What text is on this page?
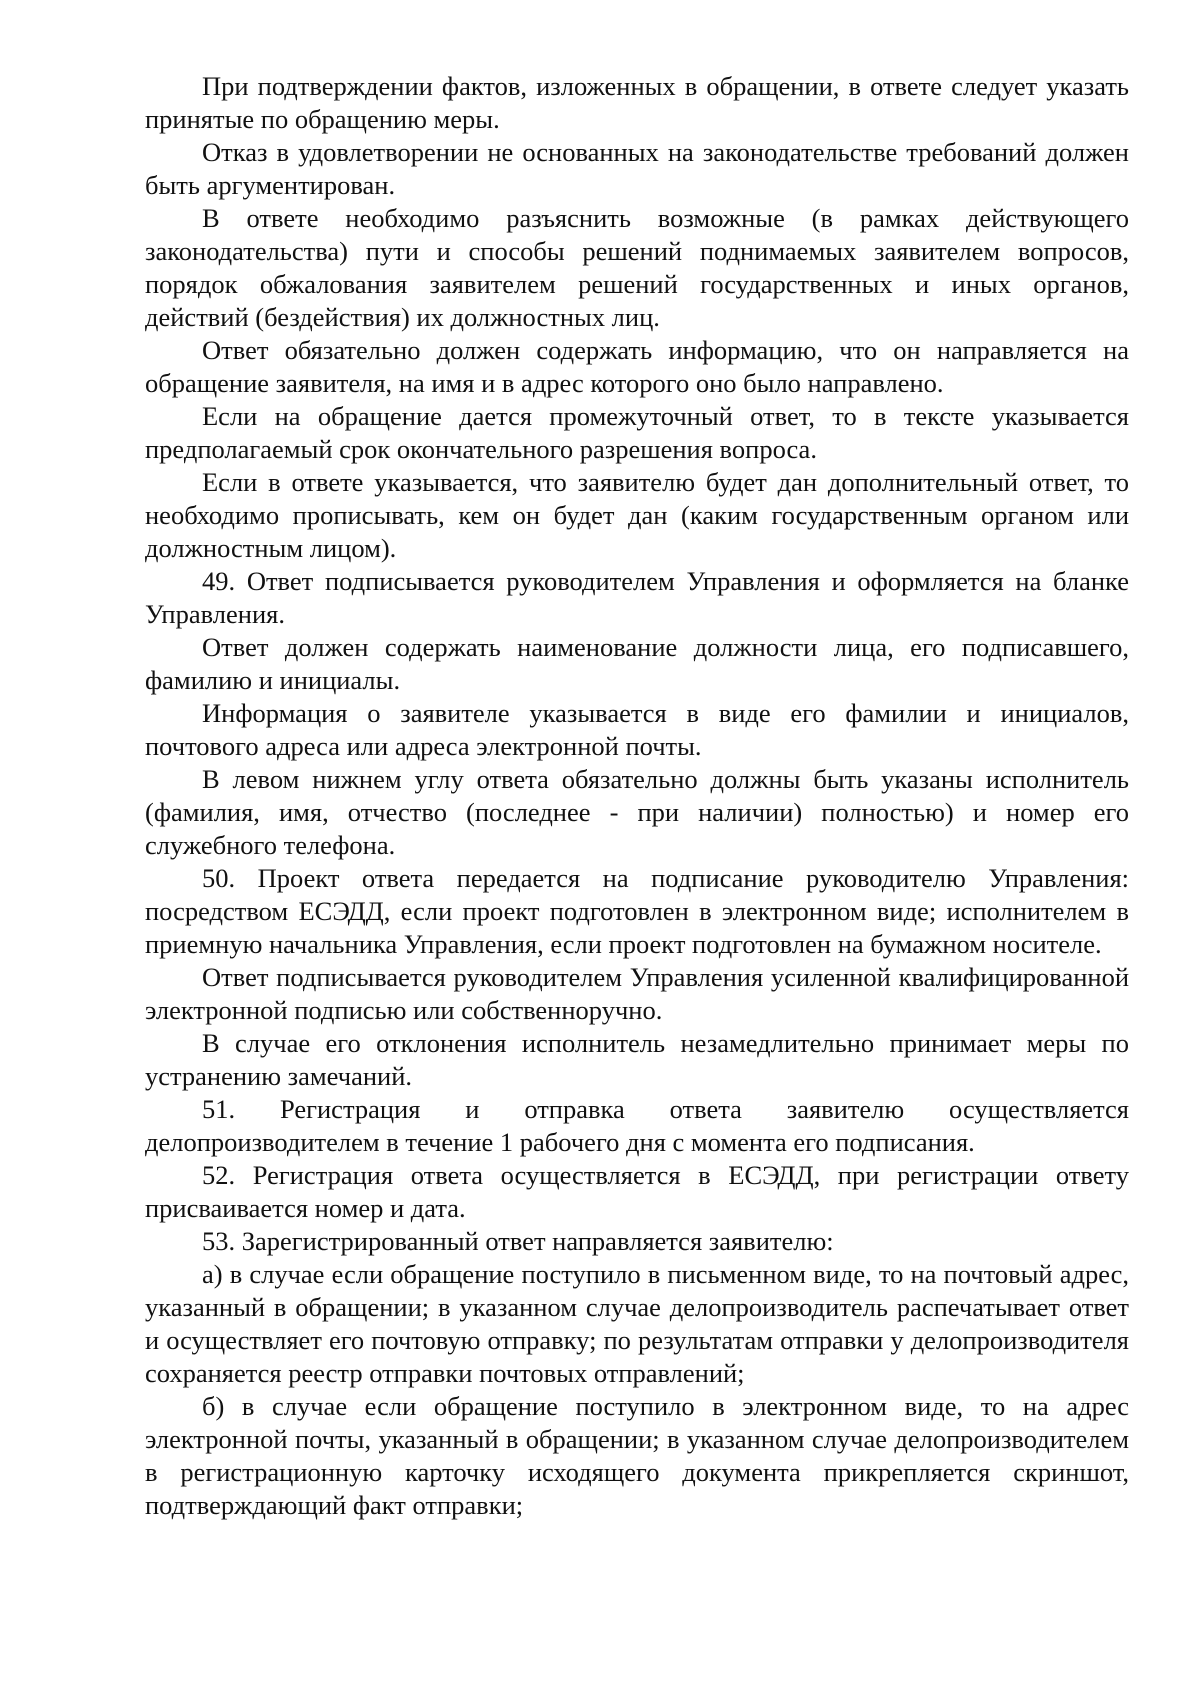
При подтверждении фактов, изложенных в обращении, в ответе следует указать принятые по обращению меры.

Отказ в удовлетворении не основанных на законодательстве требований должен быть аргументирован.

В ответе необходимо разъяснить возможные (в рамках действующего законодательства) пути и способы решений поднимаемых заявителем вопросов, порядок обжалования заявителем решений государственных и иных органов, действий (бездействия) их должностных лиц.

Ответ обязательно должен содержать информацию, что он направляется на обращение заявителя, на имя и в адрес которого оно было направлено.

Если на обращение дается промежуточный ответ, то в тексте указывается предполагаемый срок окончательного разрешения вопроса.

Если в ответе указывается, что заявителю будет дан дополнительный ответ, то необходимо прописывать, кем он будет дан (каким государственным органом или должностным лицом).

49. Ответ подписывается руководителем Управления и оформляется на бланке Управления.

Ответ должен содержать наименование должности лица, его подписавшего, фамилию и инициалы.

Информация о заявителе указывается в виде его фамилии и инициалов, почтового адреса или адреса электронной почты.

В левом нижнем углу ответа обязательно должны быть указаны исполнитель (фамилия, имя, отчество (последнее - при наличии) полностью) и номер его служебного телефона.

50. Проект ответа передается на подписание руководителю Управления: посредством ЕСЭДД, если проект подготовлен в электронном виде; исполнителем в приемную начальника Управления, если проект подготовлен на бумажном носителе.

Ответ подписывается руководителем Управления усиленной квалифицированной электронной подписью или собственноручно.

В случае его отклонения исполнитель незамедлительно принимает меры по устранению замечаний.

51. Регистрация и отправка ответа заявителю осуществляется делопроизводителем в течение 1 рабочего дня с момента его подписания.

52. Регистрация ответа осуществляется в ЕСЭДД, при регистрации ответу присваивается номер и дата.

53. Зарегистрированный ответ направляется заявителю:

а) в случае если обращение поступило в письменном виде, то на почтовый адрес, указанный в обращении; в указанном случае делопроизводитель распечатывает ответ и осуществляет его почтовую отправку; по результатам отправки у делопроизводителя сохраняется реестр отправки почтовых отправлений;

б) в случае если обращение поступило в электронном виде, то на адрес электронной почты, указанный в обращении; в указанном случае делопроизводителем в регистрационную карточку исходящего документа прикрепляется скриншот, подтверждающий факт отправки;
